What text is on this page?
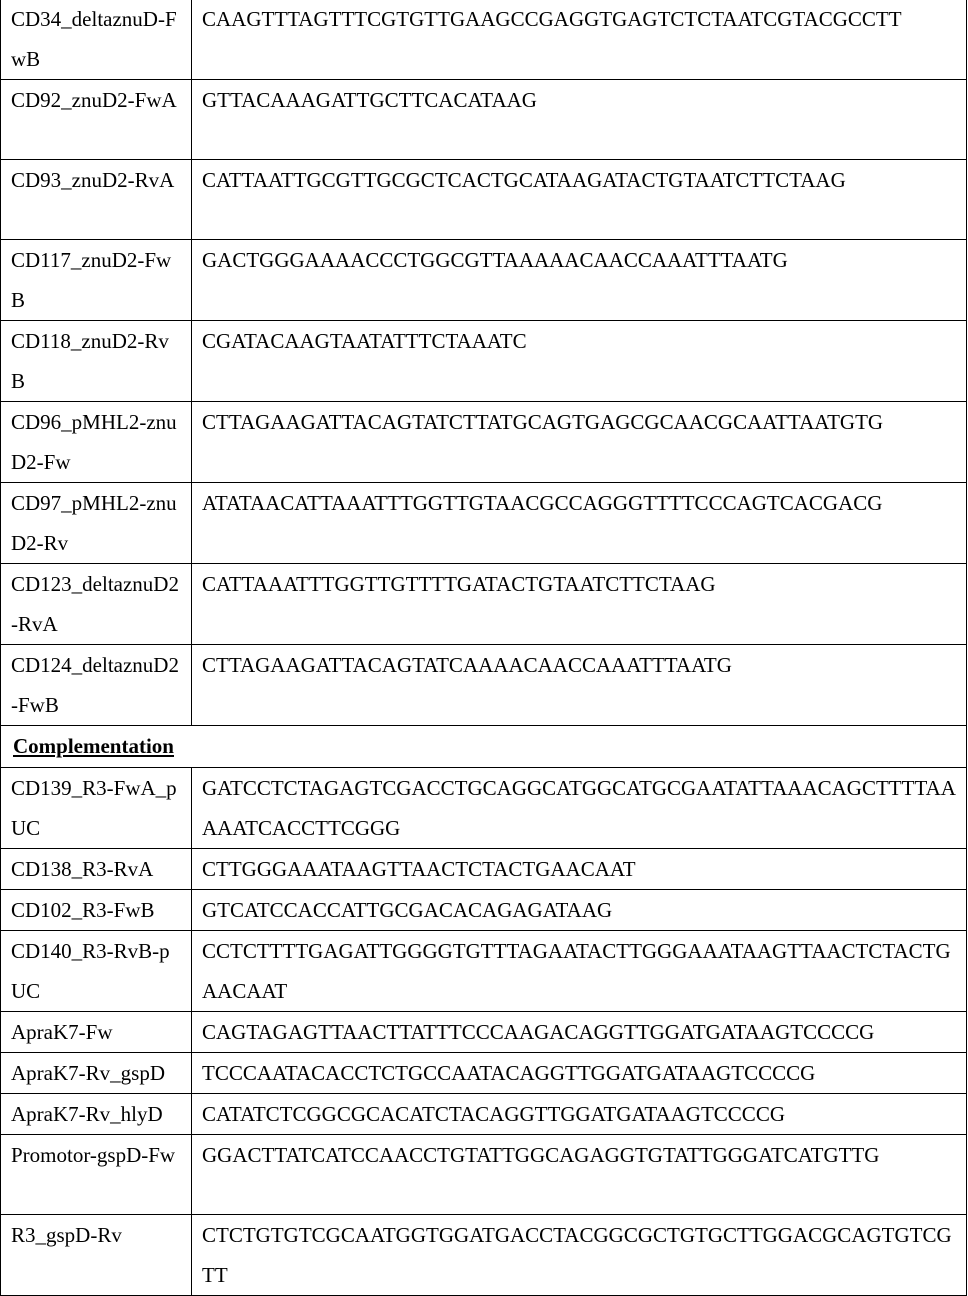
CD34_deltaznuD-FwB	CAAGTTTAGTTTCGTGTTGAAGCCGAGGTGAGTCTCTAATCGTACGCCTT
CD92_znuD2-FwA	GTTACAAAGATTGCTTCACATAAG
CD93_znuD2-RvA	CATTAATTGCGTTGCGCTCACTGCATAAGATACTGTAATCTTCTAAG
CD117_znuD2-FwB	GACTGGGAAAACCCTGGCGTTAAAAACAACCAAATTTAATG
CD118_znuD2-RvB	CGATACAAGTAATATTTCTAAATC
CD96_pMHL2-znuD2-Fw	CTTAGAAGATTACAGTATCTTATGCAGTGAGCGCAACGCAATTAATGTG
CD97_pMHL2-znuD2-Rv	ATATAACATTAAATTTGGTTGTAACGCCAGGGTTTTCCCAGTCACGACG
CD123_deltaznuD2-RvA	CATTAAATTTGGTTGTTTTGATACTGTAATCTTCTAAG
CD124_deltaznuD2-FwB	CTTAGAAGATTACAGTATCAAAACAACCAAATTTAATG
Complementation	
CD139_R3-FwA_pUC	GATCCTCTAGAGTCGACCTGCAGGCATGGCATGCGAATATTAAACAGCTTTTAAAAATCACCTTCGGG
CD138_R3-RvA	CTTGGGAAATAAGTTAACTCTACTGAACAAT
CD102_R3-FwB	GTCATCCACCATTGCGACACAGAGATAAG
CD140_R3-RvB-pUC	CCTCTTTTGAGATTGGGGTGTTTAGAATACTTGGGAAATAAGTTAACTCTACTGAACAAT
ApraK7-Fw	CAGTAGAGTTAACTTATTTCCCAAGACAGGTTGGATGATAAGTCCCCG
ApraK7-Rv_gspD	TCCCAATACACCTCTGCCAATACAGGTTGGATGATAAGTCCCCG
ApraK7-Rv_hlyD	CATATCTCGGCGCACATCTACAGGTTGGATGATAAGTCCCCG
Promotor-gspD-Fw	GGACTTATCATCCAACCTGTATTGGCAGAGGTGTATTGGGATCATGTTG
R3_gspD-Rv	CTCTGTGTCGCAATGGTGGATGACCTACGGCGCTGTGCTTGGACGCAGTGTCGTT
